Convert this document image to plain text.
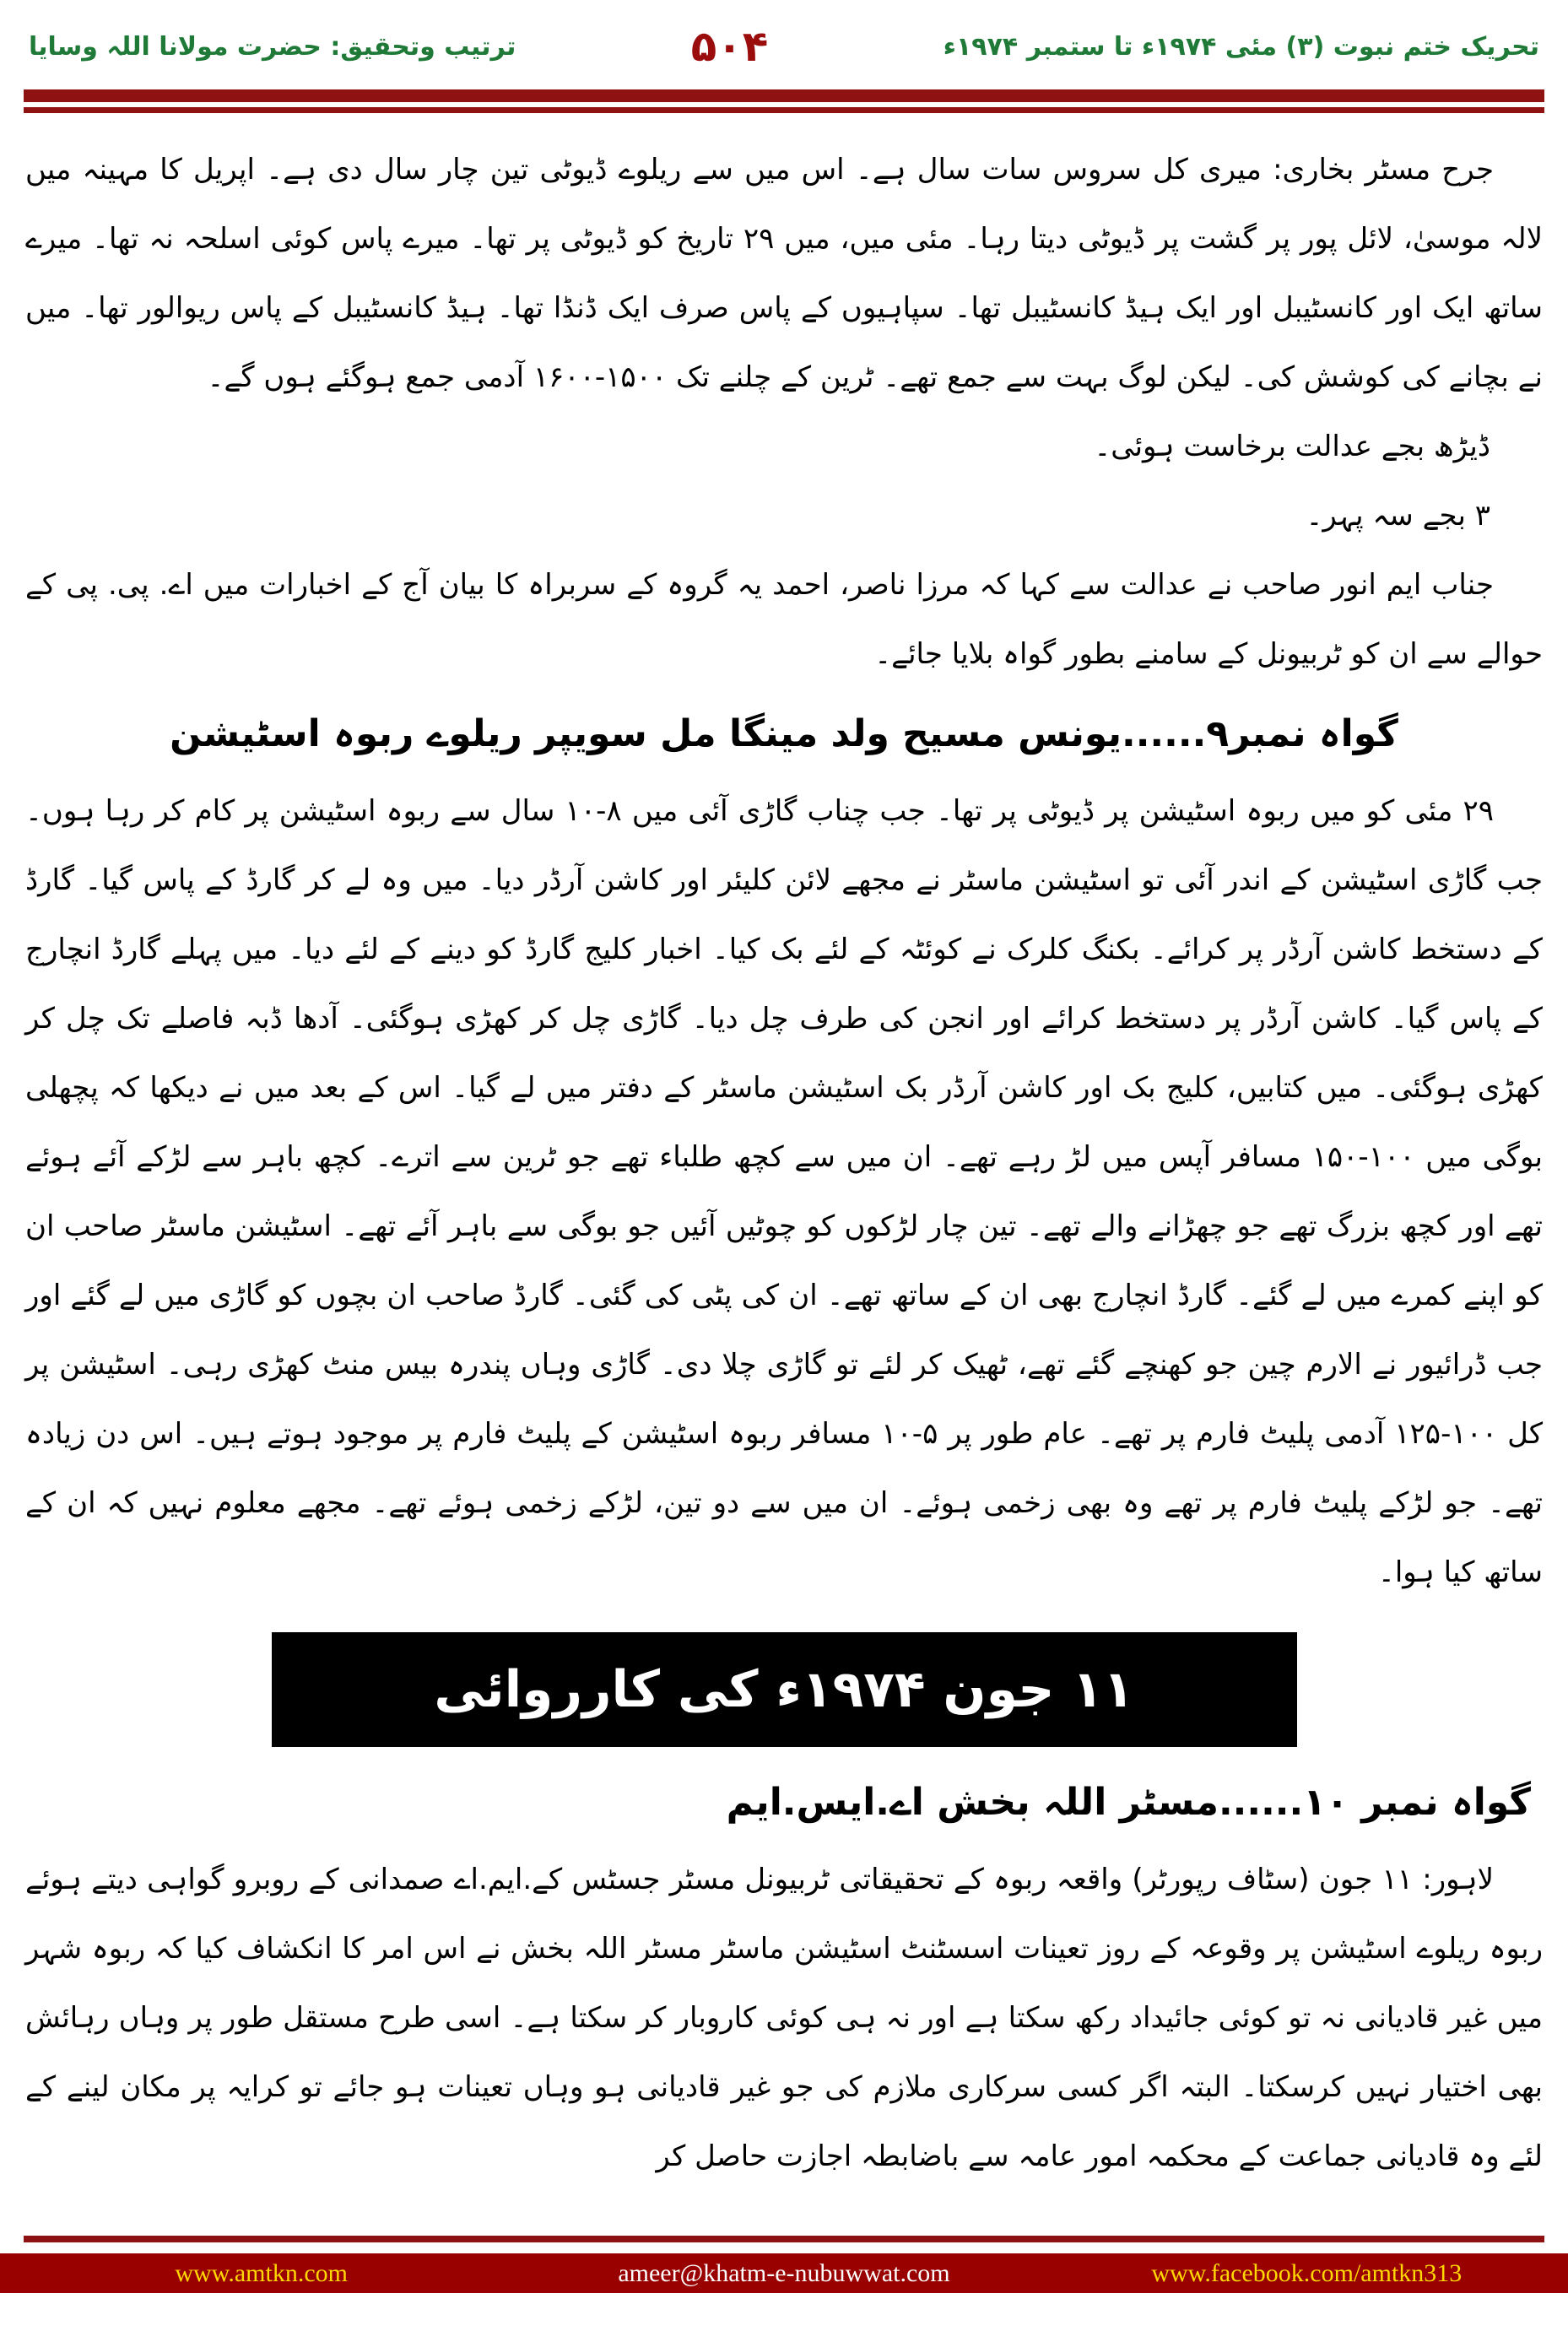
تحریک ختم نبوت (۳) مئی ۱۹۷۴ء تا ستمبر ۱۹۷۴ء
۵۰۴
ترتیب وتحقیق: حضرت مولانا اللہ وسایا

جرح مسٹر بخاری: میری کل سروس سات سال ہے۔ اس میں سے ریلوے ڈیوٹی تین چار سال دی ہے۔ اپریل کا مہینہ میں لالہ موسیٰ، لائل پور پر گشت پر ڈیوٹی دیتا رہا۔ مئی میں، میں ۲۹ تاریخ کو ڈیوٹی پر تھا۔ میرے پاس کوئی اسلحہ نہ تھا۔ میرے ساتھ ایک اور کانسٹیبل اور ایک ہیڈ کانسٹیبل تھا۔ سپاہیوں کے پاس صرف ایک ڈنڈا تھا۔ ہیڈ کانسٹیبل کے پاس ریوالور تھا۔ میں نے بچانے کی کوشش کی۔ لیکن لوگ بہت سے جمع تھے۔ ٹرین کے چلنے تک ۱۵۰۰-۱۶۰۰ آدمی جمع ہوگئے ہوں گے۔

ڈیڑھ بجے عدالت برخاست ہوئی۔

۳ بجے سہ پہر۔

جناب ایم انور صاحب نے عدالت سے کہا کہ مرزا ناصر، احمد یہ گروہ کے سربراہ کا بیان آج کے اخبارات میں اے. پی. پی کے حوالے سے ان کو ٹربیونل کے سامنے بطور گواہ بلایا جائے۔

گواہ نمبر۹......یونس مسیح ولد مینگا مل سویپر ریلوے ربوہ اسٹیشن

۲۹ مئی کو میں ربوہ اسٹیشن پر ڈیوٹی پر تھا۔ جب چناب گاڑی آئی میں ۸-۱۰ سال سے ربوہ اسٹیشن پر کام کر رہا ہوں۔ جب گاڑی اسٹیشن کے اندر آئی تو اسٹیشن ماسٹر نے مجھے لائن کلیئر اور کاشن آرڈر دیا۔ میں وہ لے کر گارڈ کے پاس گیا۔ گارڈ کے دستخط کاشن آرڈر پر کرائے۔ بکنگ کلرک نے کوئٹہ کے لئے بک کیا۔ اخبار کلیج گارڈ کو دینے کے لئے دیا۔ میں پہلے گارڈ انچارج کے پاس گیا۔ کاشن آرڈر پر دستخط کرائے اور انجن کی طرف چل دیا۔ گاڑی چل کر کھڑی ہوگئی۔ آدھا ڈبہ فاصلے تک چل کر کھڑی ہوگئی۔ میں کتابیں، کلیج بک اور کاشن آرڈر بک اسٹیشن ماسٹر کے دفتر میں لے گیا۔ اس کے بعد میں نے دیکھا کہ پچھلی بوگی میں ۱۰۰-۱۵۰ مسافر آپس میں لڑ رہے تھے۔ ان میں سے کچھ طلباء تھے جو ٹرین سے اترے۔ کچھ باہر سے لڑکے آئے ہوئے تھے اور کچھ بزرگ تھے جو چھڑانے والے تھے۔ تین چار لڑکوں کو چوٹیں آئیں جو بوگی سے باہر آئے تھے۔ اسٹیشن ماسٹر صاحب ان کو اپنے کمرے میں لے گئے۔ گارڈ انچارج بھی ان کے ساتھ تھے۔ ان کی پٹی کی گئی۔ گارڈ صاحب ان بچوں کو گاڑی میں لے گئے اور جب ڈرائیور نے الارم چین جو کھنچے گئے تھے، ٹھیک کر لئے تو گاڑی چلا دی۔ گاڑی وہاں پندرہ بیس منٹ کھڑی رہی۔ اسٹیشن پر کل ۱۰۰-۱۲۵ آدمی پلیٹ فارم پر تھے۔ عام طور پر ۵-۱۰ مسافر ربوہ اسٹیشن کے پلیٹ فارم پر موجود ہوتے ہیں۔ اس دن زیادہ تھے۔ جو لڑکے پلیٹ فارم پر تھے وہ بھی زخمی ہوئے۔ ان میں سے دو تین، لڑکے زخمی ہوئے تھے۔ مجھے معلوم نہیں کہ ان کے ساتھ کیا ہوا۔

۱۱ جون ۱۹۷۴ء کی کارروائی
گواہ نمبر ۱۰......مسٹر اللہ بخش اے.ایس.ایم

لاہور: ۱۱ جون (سٹاف رپورٹر) واقعہ ربوہ کے تحقیقاتی ٹربیونل مسٹر جسٹس کے.ایم.اے صمدانی کے روبرو گواہی دیتے ہوئے ربوہ ریلوے اسٹیشن پر وقوعہ کے روز تعینات اسسٹنٹ اسٹیشن ماسٹر مسٹر اللہ بخش نے اس امر کا انکشاف کیا کہ ربوہ شہر میں غیر قادیانی نہ تو کوئی جائیداد رکھ سکتا ہے اور نہ ہی کوئی کاروبار کر سکتا ہے۔ اسی طرح مستقل طور پر وہاں رہائش بھی اختیار نہیں کرسکتا۔ البتہ اگر کسی سرکاری ملازم کی جو غیر قادیانی ہو وہاں تعینات ہو جائے تو کرایہ پر مکان لینے کے لئے وہ قادیانی جماعت کے محکمہ امور عامہ سے باضابطہ اجازت حاصل کر

www.amtkn.com	ameer@khatm-e-nubuwwat.com	www.facebook.com/amtkn313
